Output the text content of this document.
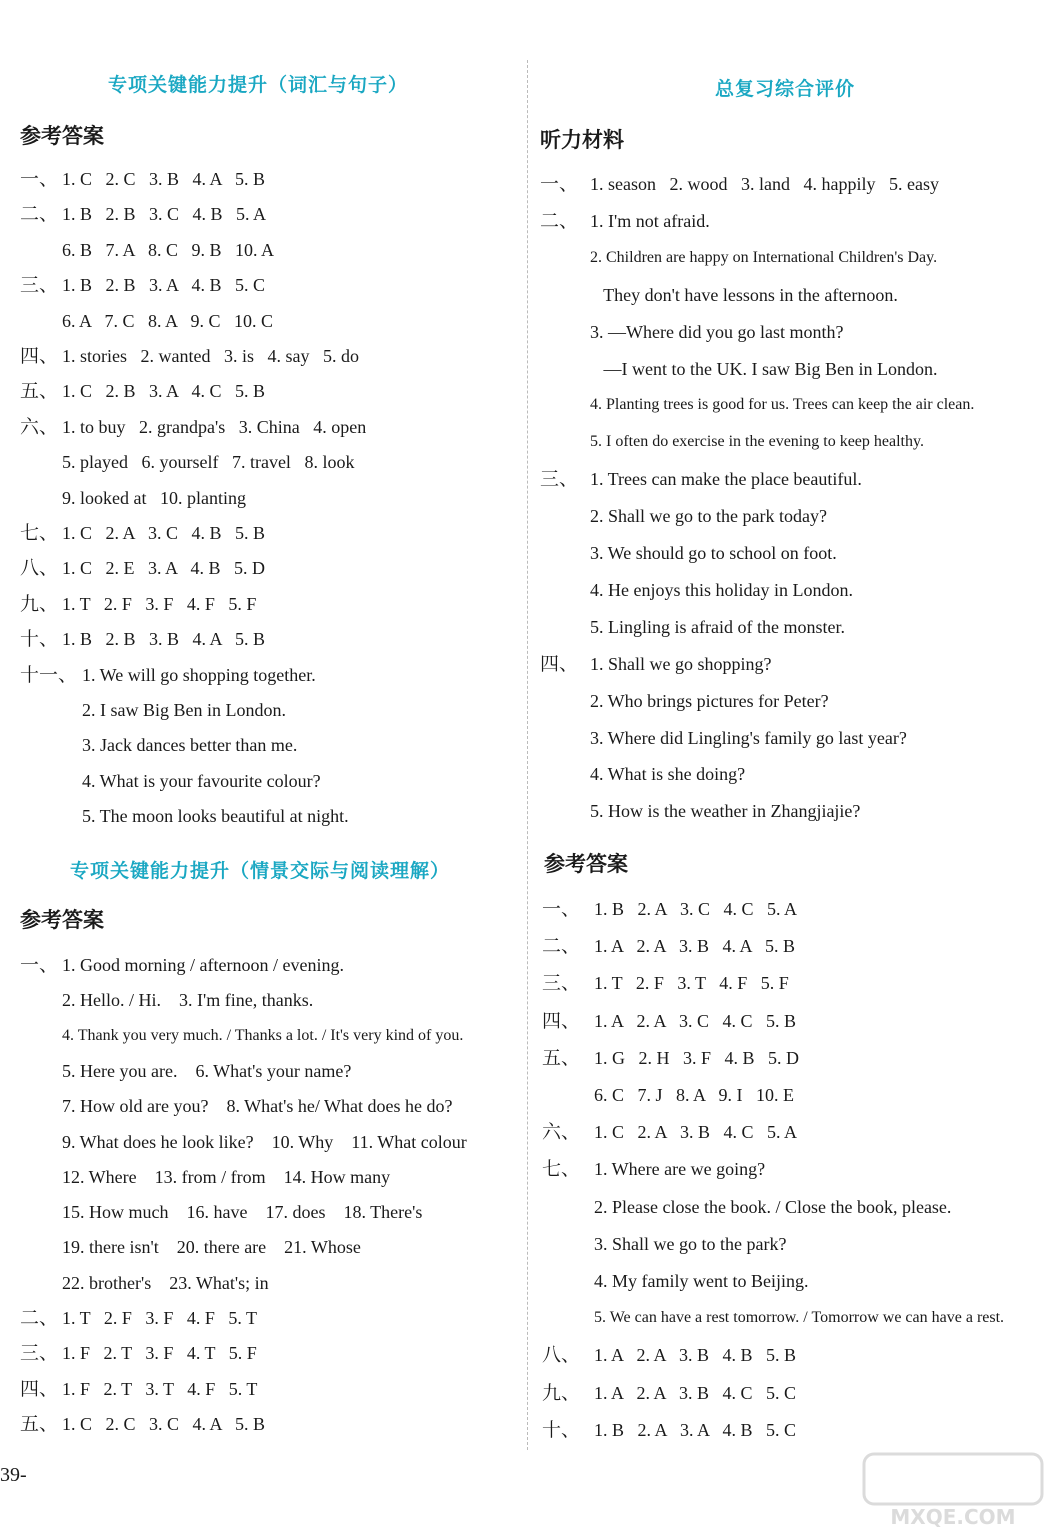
专项关键能力提升（词汇与句子）
参考答案
一、 1. C   2. C   3. B   4. A   5. B
二、 1. B   2. B   3. C   4. B   5. A
6. B   7. A   8. C   9. B   10. A
三、 1. B   2. B   3. A   4. B   5. C
6. A   7. C   8. A   9. C   10. C
四、 1. stories   2. wanted   3. is   4. say   5. do
五、 1. C   2. B   3. A   4. C   5. B
六、 1. to buy   2. grandpa's   3. China   4. open
5. played   6. yourself   7. travel   8. look
9. looked at   10. planting
七、 1. C   2. A   3. C   4. B   5. B
八、 1. C   2. E   3. A   4. B   5. D
九、 1. T   2. F   3. F   4. F   5. F
十、 1. B   2. B   3. B   4. A   5. B
十一、 1. We will go shopping together.
2. I saw Big Ben in London.
3. Jack dances better than me.
4. What is your favourite colour?
5. The moon looks beautiful at night.
专项关键能力提升（情景交际与阅读理解）
参考答案
一、 1. Good morning / afternoon / evening.
2. Hello. / Hi.    3. I'm fine, thanks.
4. Thank you very much. / Thanks a lot. / It's very kind of you.
5. Here you are.    6. What's your name?
7. How old are you?    8. What's he/ What does he do?
9. What does he look like?    10. Why    11. What colour
12. Where    13. from / from    14. How many
15. How much    16. have    17. does    18. There's
19. there isn't    20. there are    21. Whose
22. brother's    23. What's; in
二、 1. T   2. F   3. F   4. F   5. T
三、 1. F   2. T   3. F   4. T   5. F
四、 1. F   2. T   3. T   4. F   5. T
五、 1. C   2. C   3. C   4. A   5. B
39-
总复习综合评价
听力材料
一、 1. season   2. wood   3. land   4. happily   5. easy
二、 1. I'm not afraid.
2. Children are happy on International Children's Day.
They don't have lessons in the afternoon.
3. —Where did you go last month?
—I went to the UK. I saw Big Ben in London.
4. Planting trees is good for us. Trees can keep the air clean.
5. I often do exercise in the evening to keep healthy.
三、 1. Trees can make the place beautiful.
2. Shall we go to the park today?
3. We should go to school on foot.
4. He enjoys this holiday in London.
5. Lingling is afraid of the monster.
四、 1. Shall we go shopping?
2. Who brings pictures for Peter?
3. Where did Lingling's family go last year?
4. What is she doing?
5. How is the weather in Zhangjiajie?
参考答案
一、 1. B   2. A   3. C   4. C   5. A
二、 1. A   2. A   3. B   4. A   5. B
三、 1. T   2. F   3. T   4. F   5. F
四、 1. A   2. A   3. C   4. C   5. B
五、 1. G   2. H   3. F   4. B   5. D
6. C   7. J   8. A   9. I   10. E
六、 1. C   2. A   3. B   4. C   5. A
七、 1. Where are we going?
2. Please close the book. / Close the book, please.
3. Shall we go to the park?
4. My family went to Beijing.
5. We can have a rest tomorrow. / Tomorrow we can have a rest.
八、 1. A   2. A   3. B   4. B   5. B
九、 1. A   2. A   3. B   4. C   5. C
十、 1. B   2. A   3. A   4. B   5. C
MXQE.COM
